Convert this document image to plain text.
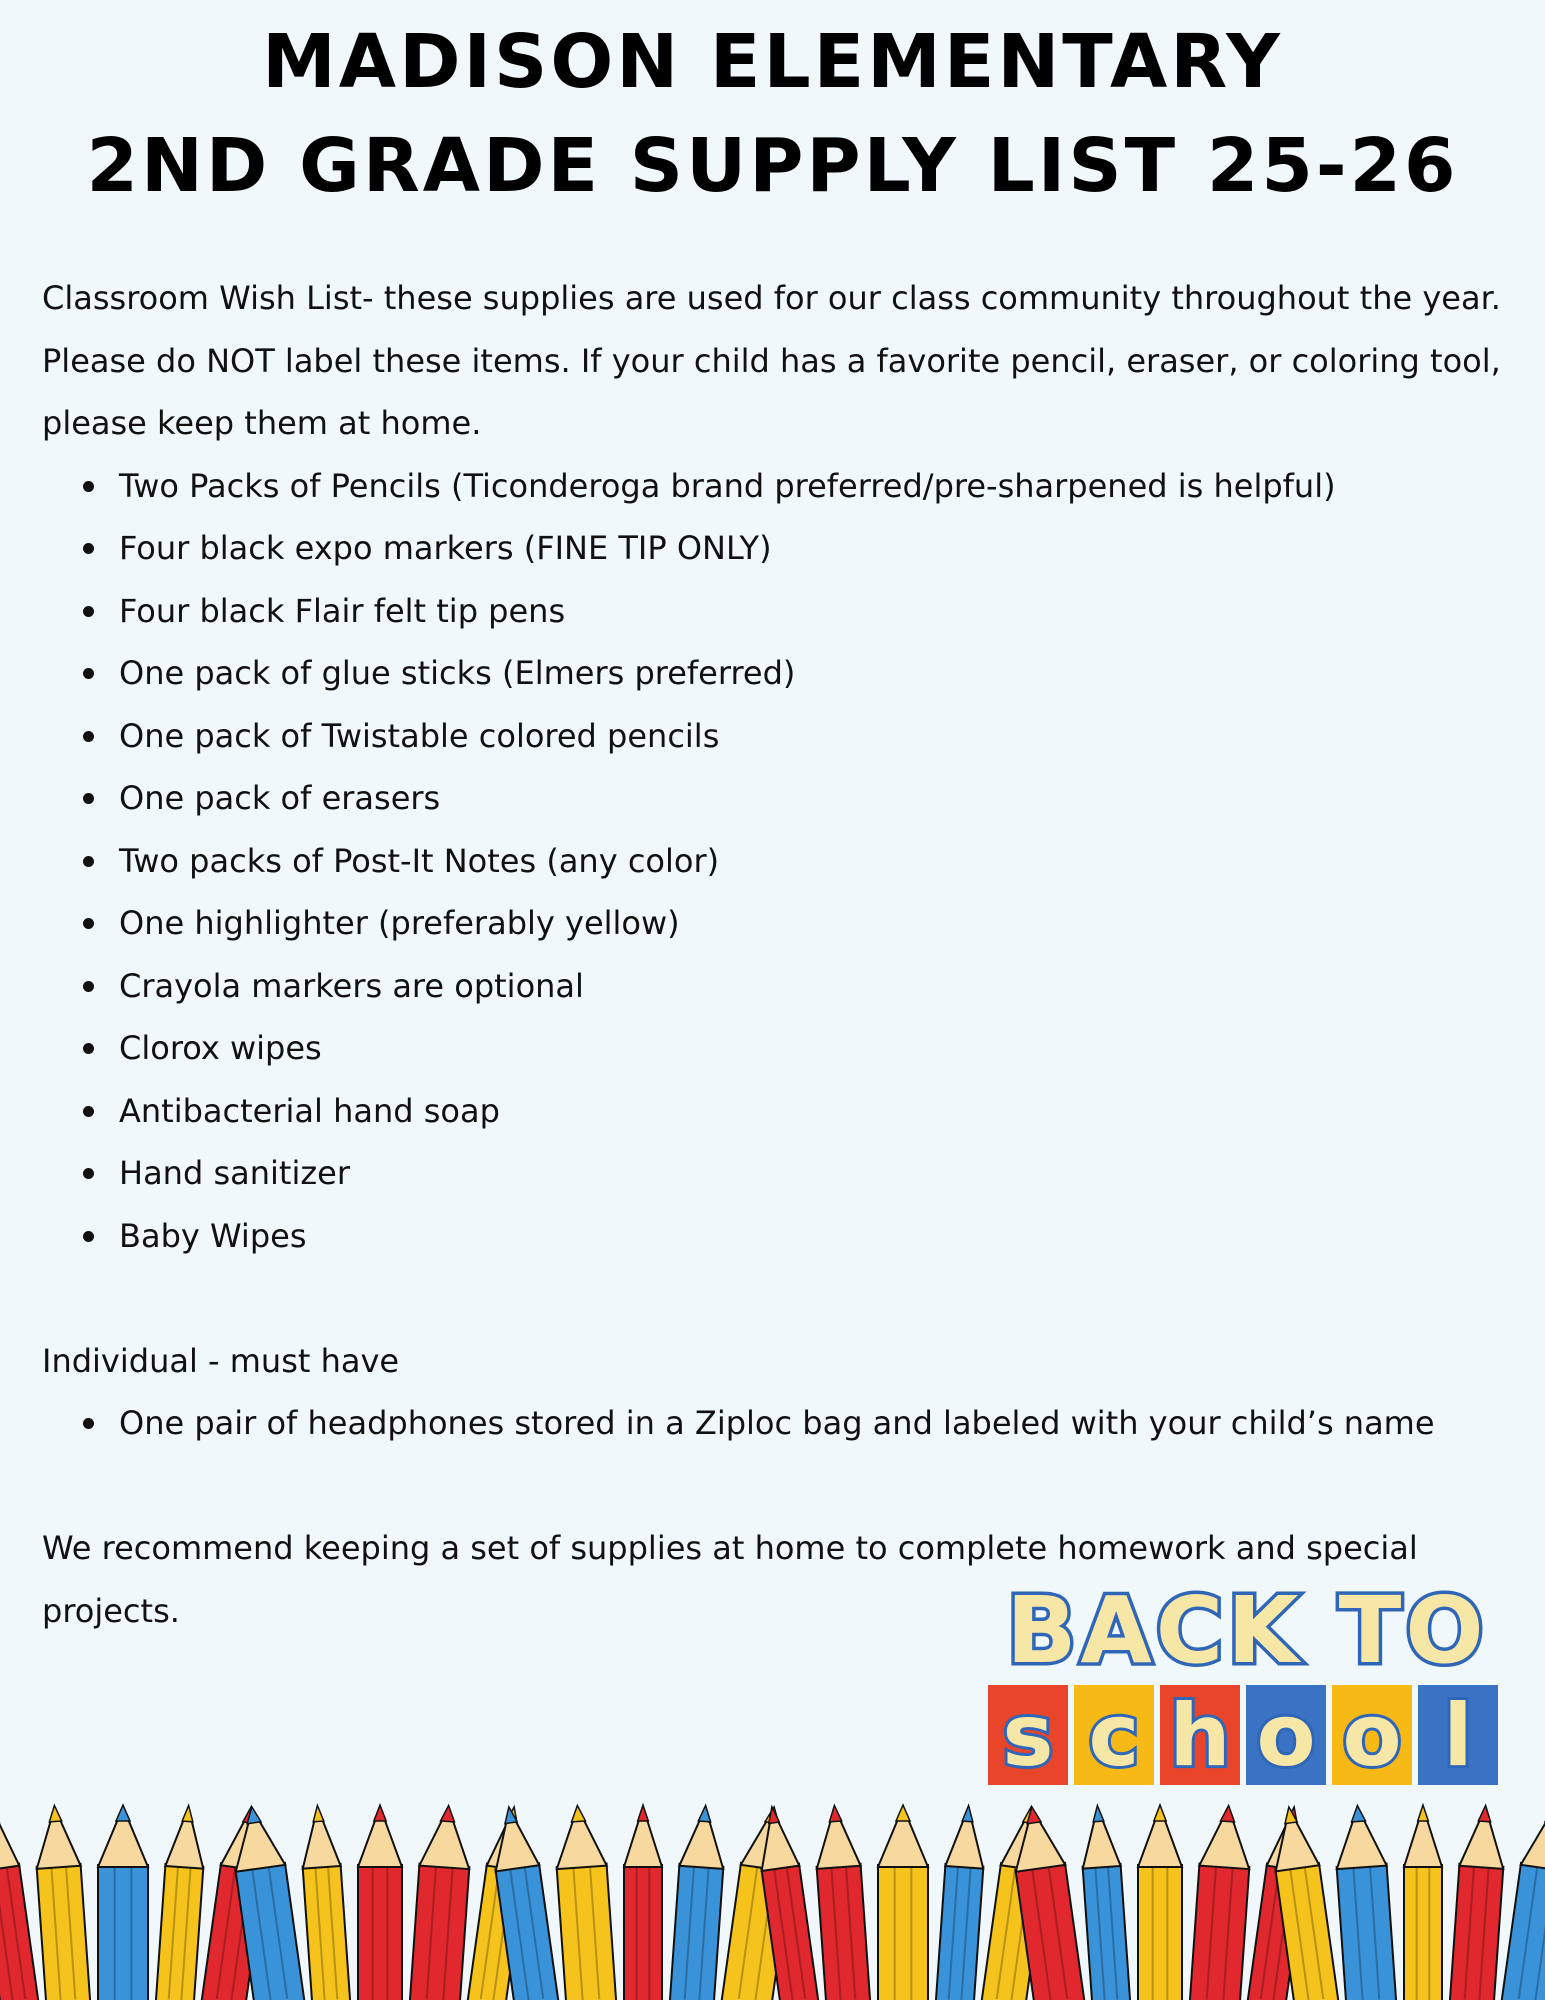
MADISON ELEMENTARY
2ND GRADE SUPPLY LIST 25-26

Classroom Wish List- these supplies are used for our class community throughout the year.

Please do NOT label these items. If your child has a favorite pencil, eraser, or coloring tool,

please keep them at home.

Two Packs of Pencils (Ticonderoga brand preferred/pre-sharpened is helpful)
Four black expo markers (FINE TIP ONLY)
Four black Flair felt tip pens
One pack of glue sticks (Elmers preferred)
One pack of Twistable colored pencils
One pack of erasers
Two packs of Post-It Notes (any color)
One highlighter (preferably yellow)
Crayola markers are optional
Clorox wipes
Antibacterial hand soap
Hand sanitizer
Baby Wipes

Individual - must have

One pair of headphones stored in a Ziploc bag and labeled with your child’s name

We recommend keeping a set of supplies at home to complete homework and special projects.	BACK TO
s c h o o l
